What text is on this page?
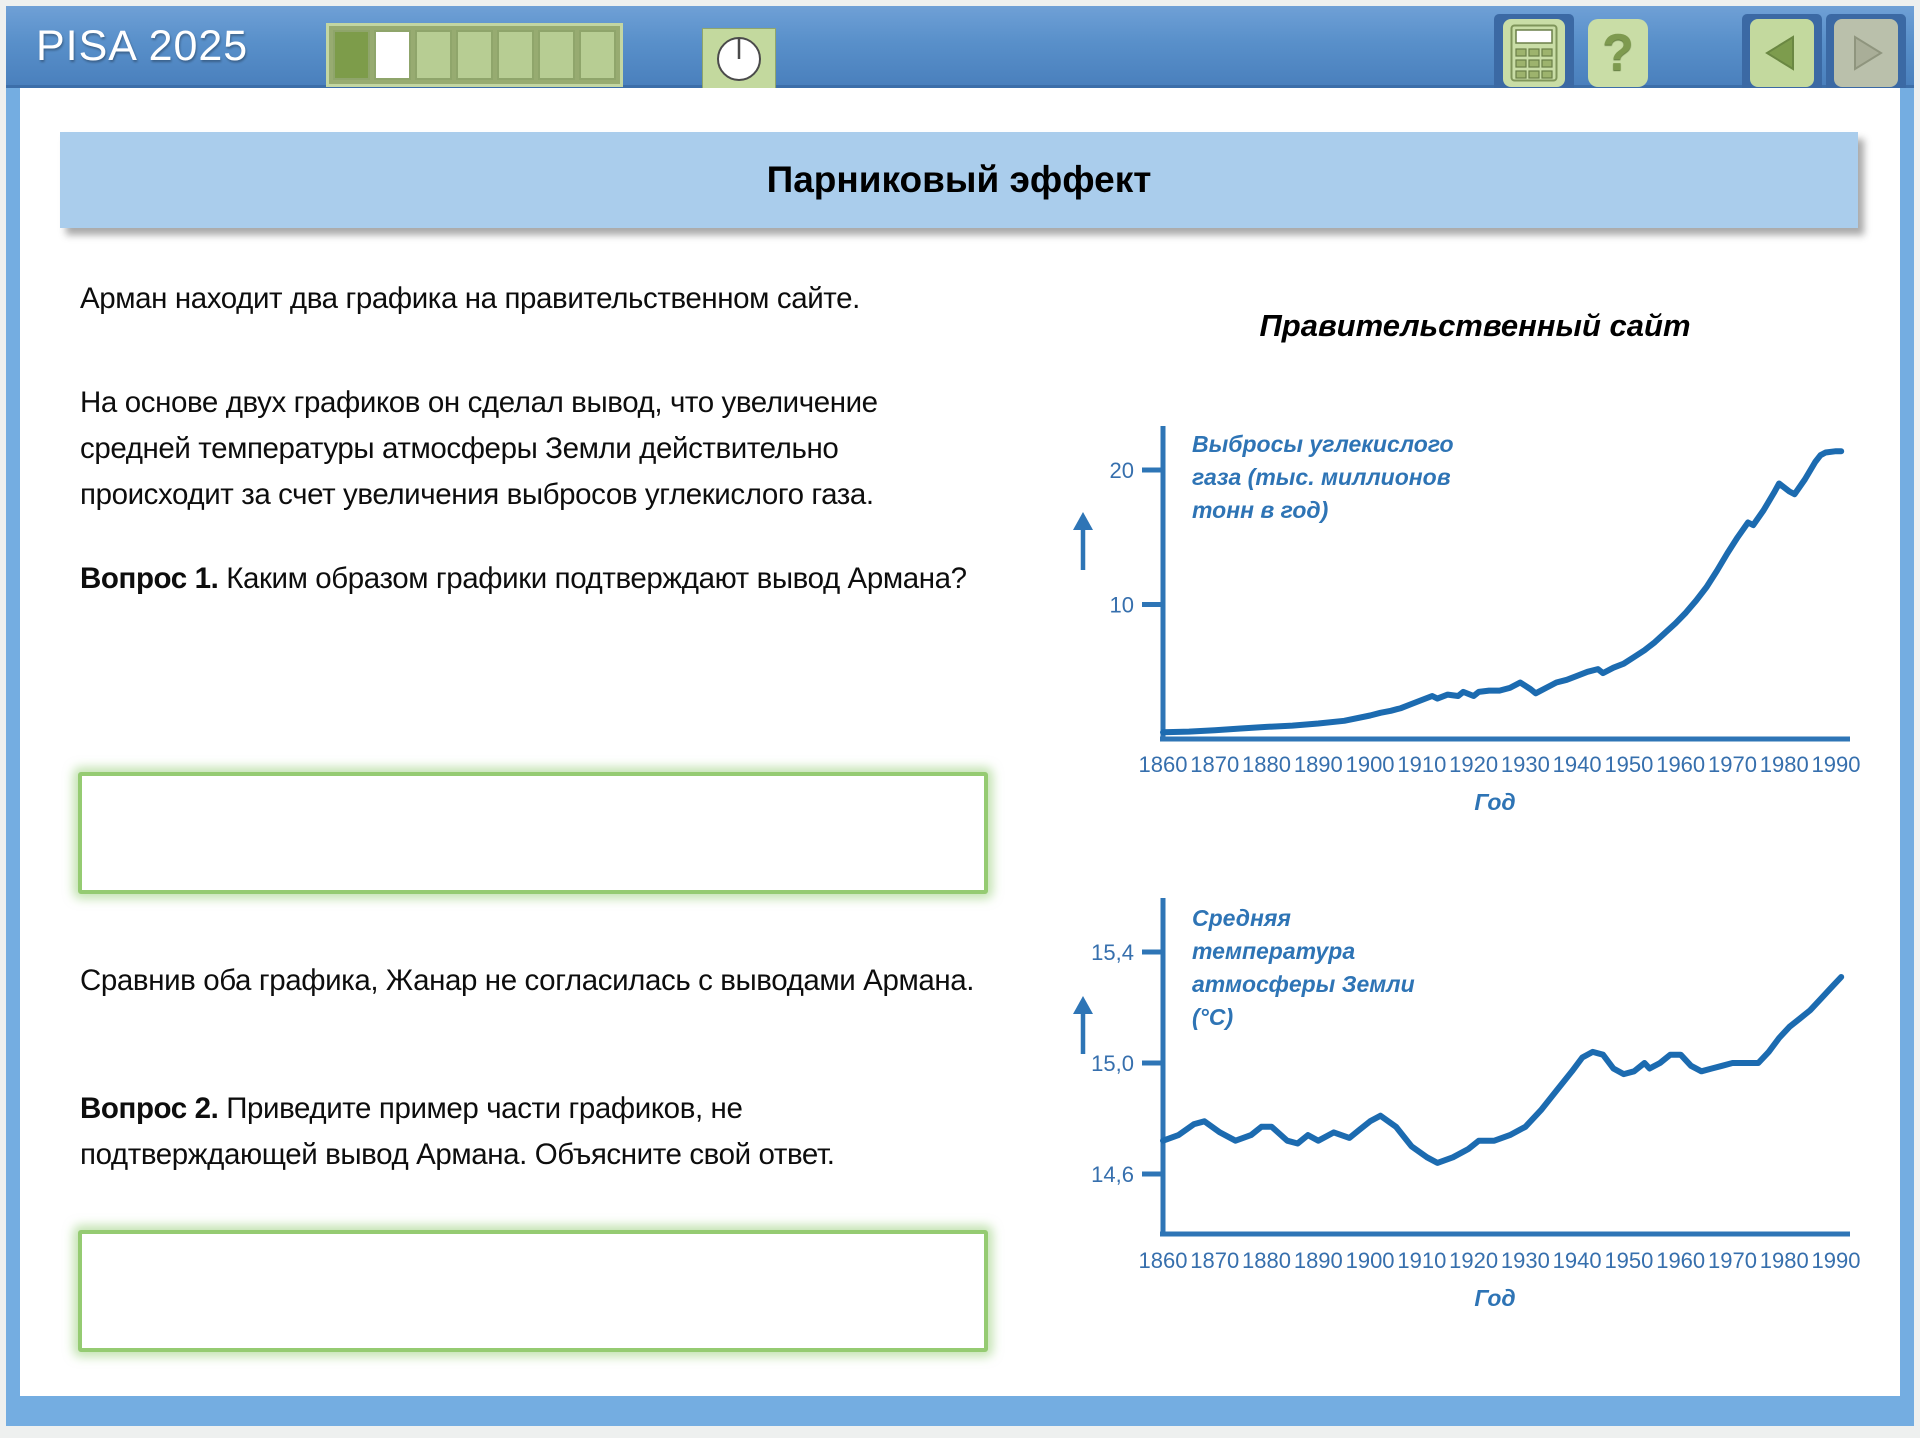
PISA 2025	?
Парниковый эффект

Арман находит два графика на правительственном сайте.

На основе двух графиков он сделал вывод, что увеличение средней температуры атмосферы Земли действительно происходит за счет увеличения выбросов углекислого газа.

Вопрос 1. Каким образом графики подтверждают вывод Армана?

Сравнив оба графика, Жанар не согласилась с выводами Армана.

Вопрос 2. Приведите пример части графиков, не подтверждающей вывод Армана. Объясните свой ответ.

Правительственный сайт
10
20
1860 1870 1880 1890 1900 1910 1920 1930 1940 1950 1960 1970 1980 1990
Год
Выбросы углекислого
газа (тыс. миллионов
тонн в год)
14,6
15,0
15,4
1860 1870 1880 1890 1900 1910 1920 1930 1940 1950 1960 1970 1980 1990
Год
Средняя
температура
атмосферы Земли
(°C)
